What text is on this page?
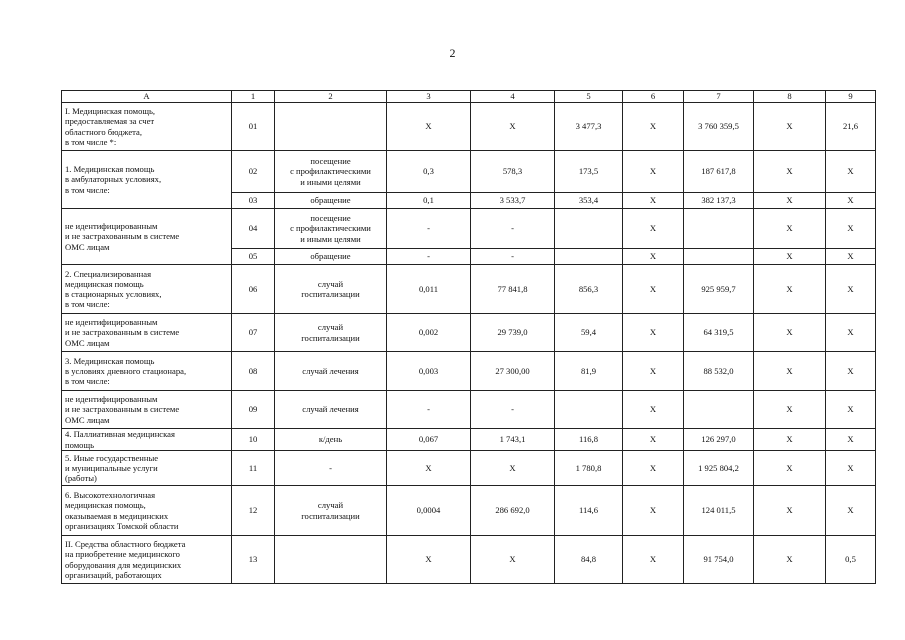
2
А	1	2	3	4	5	6	7	8	9
I. Медицинская помощь,
предоставляемая за счет
областного бюджета,
в том числе *:	01		Х	Х	3 477,3	Х	3 760 359,5	Х	21,6
1. Медицинская помощь
в амбулаторных условиях,
в том числе:	02	посещение
с профилактическими
и иными целями	0,3	578,3	173,5	Х	187 617,8	Х	Х
	03	обращение	0,1	3 533,7	353,4	Х	382 137,3	Х	Х
не идентифицированным
и не застрахованным в системе
ОМС лицам	04	посещение
с профилактическими
и иными целями	-	-		Х		Х	Х
	05	обращение	-	-		Х		Х	Х
2. Специализированная
медицинская помощь
в стационарных условиях,
в том числе:	06	случай
госпитализации	0,011	77 841,8	856,3	Х	925 959,7	Х	Х
не идентифицированным
и не застрахованным в системе
ОМС лицам	07	случай
госпитализации	0,002	29 739,0	59,4	Х	64 319,5	Х	Х
3. Медицинская помощь
в условиях дневного стационара,
в том числе:	08	случай лечения	0,003	27 300,00	81,9	Х	88 532,0	Х	Х
не идентифицированным
и не застрахованным в системе
ОМС лицам	09	случай лечения	-	-		Х		Х	Х
4. Паллиативная медицинская
помощь	10	к/день	0,067	1 743,1	116,8	Х	126 297,0	Х	Х
5. Иные государственные
и муниципальные услуги
(работы)	11	-	Х	Х	1 780,8	Х	1 925 804,2	Х	Х
6. Высокотехнологичная
медицинская помощь,
оказываемая в медицинских
организациях Томской области	12	случай
госпитализации	0,0004	286 692,0	114,6	Х	124 011,5	Х	Х
II. Средства областного бюджета
на приобретение медицинского
оборудования для медицинских
организаций, работающих	13		Х	Х	84,8	Х	91 754,0	Х	0,5
